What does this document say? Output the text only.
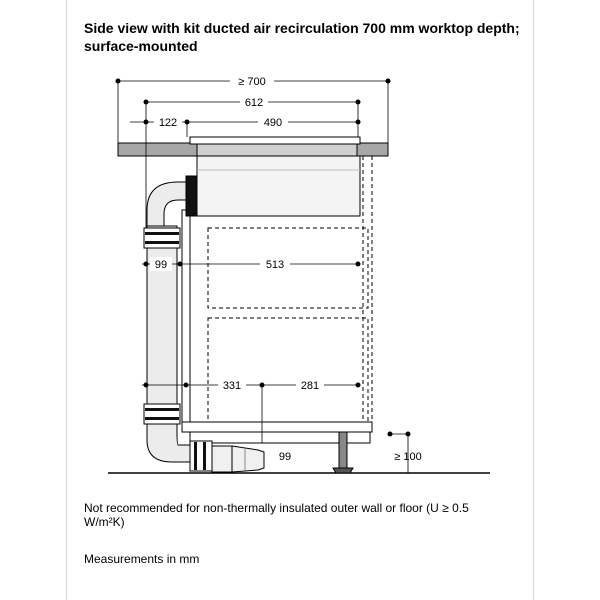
Side view with kit ducted air recirculation 700 mm worktop depth; surface-mounted
≥ 700
612
122	490
99	513
331	281
99	≥ 100
Not recommended for non-thermally insulated outer wall or floor (U ≥ 0.5 W/m²K)
Measurements in mm
